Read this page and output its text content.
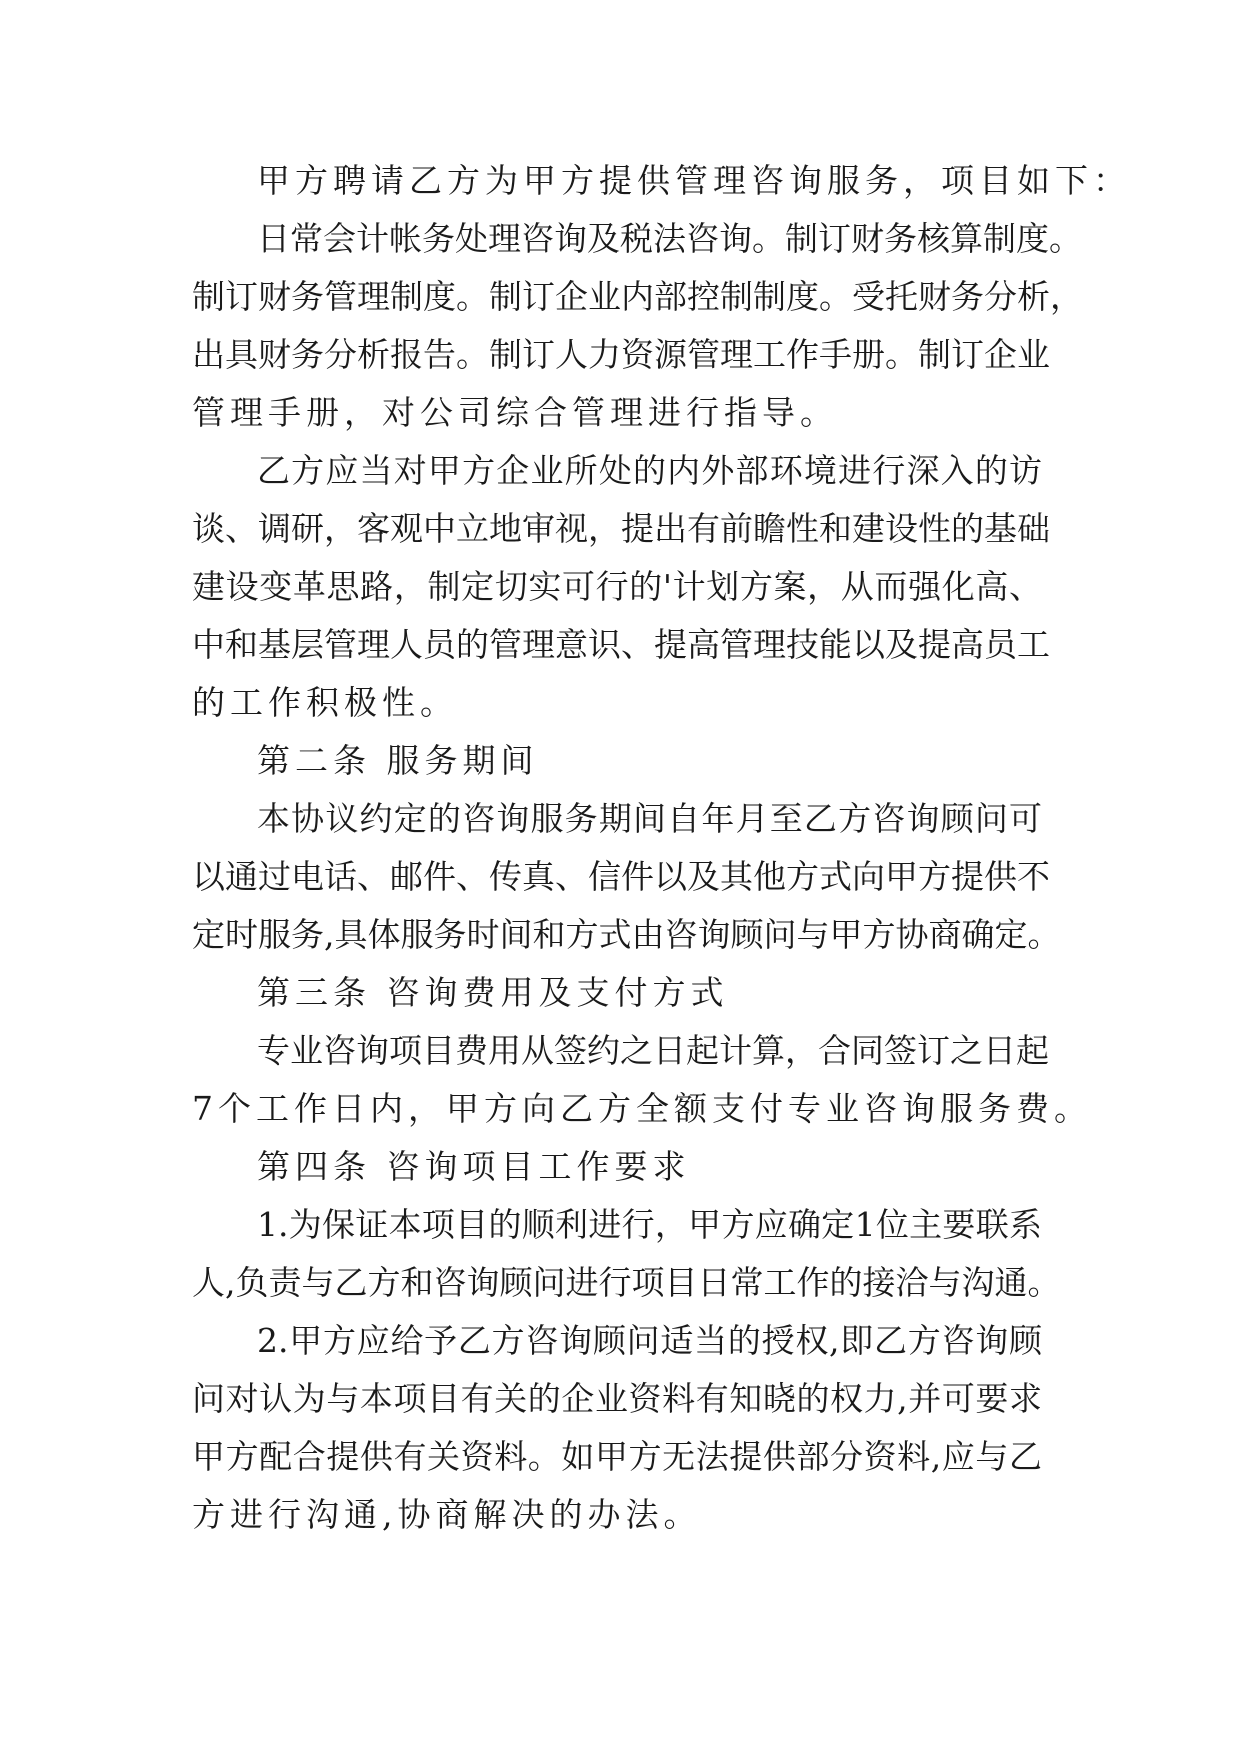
甲方聘请乙方为甲方提供管理咨询服务，项目如下：
日常会计帐务处理咨询及税法咨询。制订财务核算制度。
制订财务管理制度。制订企业内部控制制度。受托财务分析，
出具财务分析报告。制订人力资源管理工作手册。制订企业
管理手册，对公司综合管理进行指导。
乙方应当对甲方企业所处的内外部环境进行深入的访
谈、调研，客观中立地审视，提出有前瞻性和建设性的基础
建设变革思路，制定切实可行的'计划方案，从而强化高、
中和基层管理人员的管理意识、提高管理技能以及提高员工
的工作积极性。
第二条 服务期间
本协议约定的咨询服务期间自年月至乙方咨询顾问可
以通过电话、邮件、传真、信件以及其他方式向甲方提供不
定时服务,具体服务时间和方式由咨询顾问与甲方协商确定。
第三条 咨询费用及支付方式
专业咨询项目费用从签约之日起计算，合同签订之日起
7个工作日内，甲方向乙方全额支付专业咨询服务费。
第四条 咨询项目工作要求
1.为保证本项目的顺利进行，甲方应确定1位主要联系
人,负责与乙方和咨询顾问进行项目日常工作的接洽与沟通。
2.甲方应给予乙方咨询顾问适当的授权,即乙方咨询顾
问对认为与本项目有关的企业资料有知晓的权力,并可要求
甲方配合提供有关资料。如甲方无法提供部分资料,应与乙
方进行沟通,协商解决的办法。
